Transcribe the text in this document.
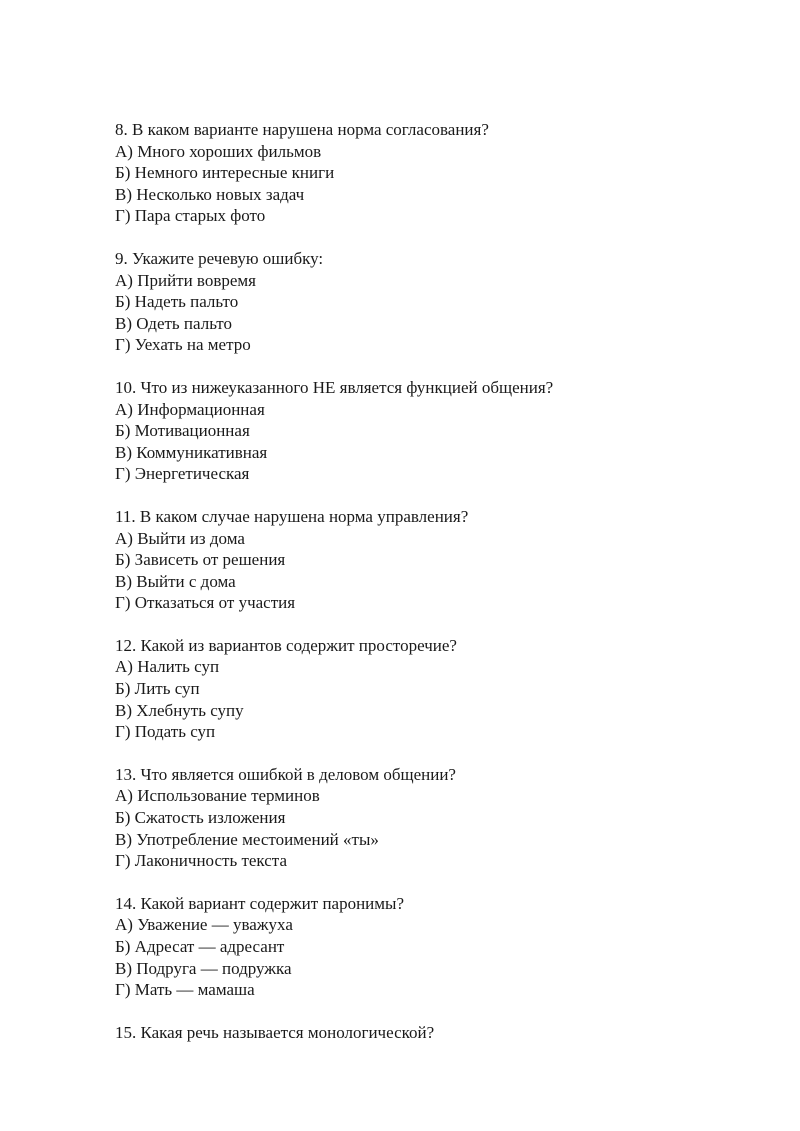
8. В каком варианте нарушена норма согласования?
А) Много хороших фильмов
Б) Немного интересные книги
В) Несколько новых задач
Г) Пара старых фото
9. Укажите речевую ошибку:
А) Прийти вовремя
Б) Надеть пальто
В) Одеть пальто
Г) Уехать на метро
10. Что из нижеуказанного НЕ является функцией общения?
А) Информационная
Б) Мотивационная
В) Коммуникативная
Г) Энергетическая
11. В каком случае нарушена норма управления?
А) Выйти из дома
Б) Зависеть от решения
В) Выйти с дома
Г) Отказаться от участия
12. Какой из вариантов содержит просторечие?
А) Налить суп
Б) Лить суп
В) Хлебнуть супу
Г) Подать суп
13. Что является ошибкой в деловом общении?
А) Использование терминов
Б) Сжатость изложения
В) Употребление местоимений «ты»
Г) Лаконичность текста
14. Какой вариант содержит паронимы?
А) Уважение — уважуха
Б) Адресат — адресант
В) Подруга — подружка
Г) Мать — мамаша
15. Какая речь называется монологической?
